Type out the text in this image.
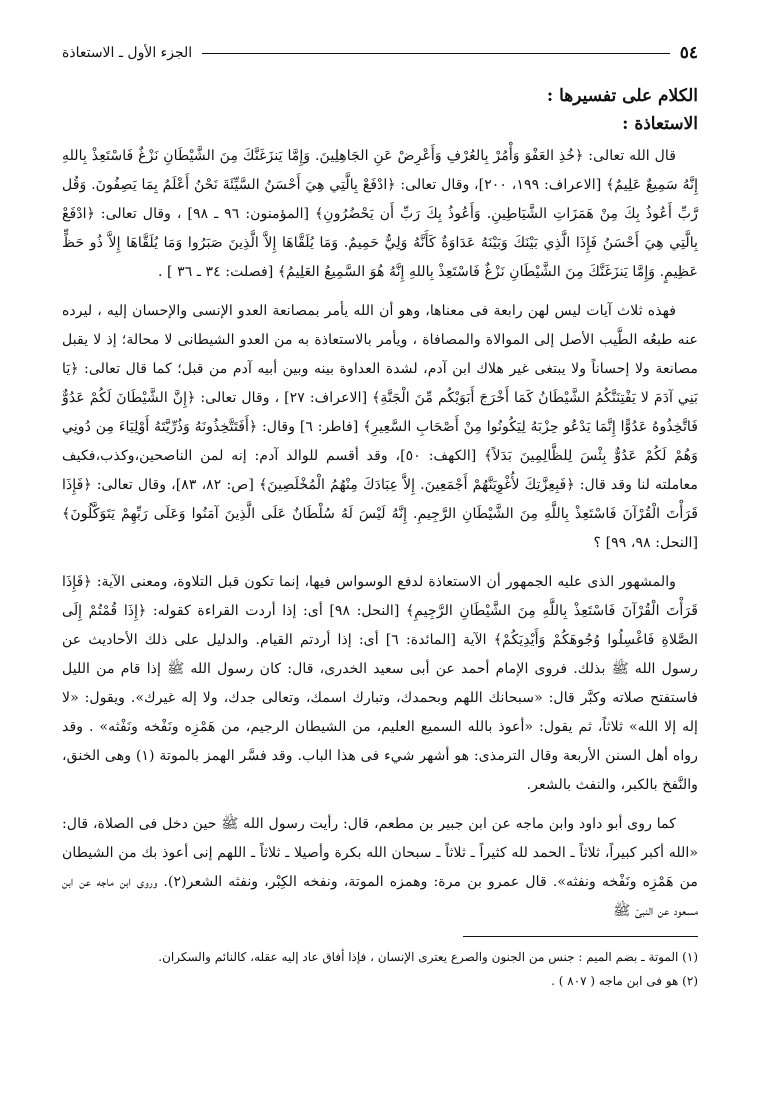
٥٤
الجزء الأول ـ الاستعاذة
الكلام على تفسيرها :
الاستعاذة :

قال الله تعالى: ﴿خُذِ العَفْوَ وَأْمُرْ بِالعُرْفِ وَأَعْرِضْ عَنِ الجَاهِلِينَ. وَإِمَّا يَنزَغَنَّكَ مِنَ الشَّيْطَانِ نَزْغٌ فَاسْتَعِذْ بِاللهِ إِنَّهُ سَمِيعٌ عَلِيمٌ﴾ [الاعراف: ١٩٩، ٢٠٠]، وقال تعالى: ﴿ادْفَعْ بِالَّتِي هِيَ أَحْسَنُ السَّيِّئَةَ نَحْنُ أَعْلَمُ بِمَا يَصِفُونَ. وَقُل رَّبِّ أَعُوذُ بِكَ مِنْ هَمَزَاتِ الشَّيَاطِينِ. وَأَعُوذُ بِكَ رَبِّ أَن يَحْضُرُونِ﴾ [المؤمنون: ٩٦ ـ ٩٨] ، وقال تعالى: ﴿ادْفَعْ بِالَّتِي هِيَ أَحْسَنُ فَإِذَا الَّذِي بَيْنَكَ وَبَيْنَهُ عَدَاوَةٌ كَأَنَّهُ وَلِيٌّ حَمِيمٌ. وَمَا يُلَقَّاهَا إِلاَّ الَّذِينَ صَبَرُوا وَمَا يُلَقَّاهَا إِلاَّ ذُو حَظٍّ عَظِيمٍ. وَإِمَّا يَنزَغَنَّكَ مِنَ الشَّيْطَانِ نَزْغٌ فَاسْتَعِذْ بِاللهِ إِنَّهُ هُوَ السَّمِيعُ العَلِيمُ﴾ [فصلت: ٣٤ ـ ٣٦ ] .

فهذه ثلاث آيات ليس لهن رابعة فى معناها، وهو أن الله يأمر بمصانعة العدو الإنسى والإحسان إليه ، ليرده عنه طبعُه الطَّيب الأصل إلى الموالاة والمصافاة ، ويأمر بالاستعاذة به من العدو الشيطانى لا محالة؛ إذ لا يقبل مصانعة ولا إحساناً ولا يبتغى غير هلاك ابن آدم، لشدة العداوة بينه وبين أبيه آدم من قبل؛ كما قال تعالى: ﴿يَا بَنِي آدَمَ لا يَفْتِنَنَّكُمُ الشَّيْطَانُ كَمَا أَخْرَجَ أَبَوَيْكُم مِّنَ الْجَنَّةِ﴾ [الاعراف: ٢٧] ، وقال تعالى: ﴿إِنَّ الشَّيْطَانَ لَكُمْ عَدُوٌّ فَاتَّخِذُوهُ عَدُوًّا إِنَّمَا يَدْعُو حِزْبَهُ لِيَكُونُوا مِنْ أَصْحَابِ السَّعِيرِ﴾ [فاطر: ٦] وقال: ﴿أَفَتَتَّخِذُونَهُ وَذُرِّيَّتَهُ أَوْلِيَاءَ مِن دُونِي وَهُمْ لَكُمْ عَدُوٌّ بِئْسَ لِلظَّالِمِينَ بَدَلاً﴾ [الكهف: ٥٠]، وقد أقسم للوالد آدم: إنه لمن الناصحين،وكذب،فكيف معاملته لنا وقد قال: ﴿فَبِعِزَّتِكَ لأُغْوِيَنَّهُمْ أَجْمَعِينَ. إِلاَّ عِبَادَكَ مِنْهُمُ الْمُخْلَصِينَ﴾ [ص: ٨٢، ٨٣]، وقال تعالى: ﴿فَإِذَا قَرَأْتَ الْقُرْآنَ فَاسْتَعِذْ بِاللَّهِ مِنَ الشَّيْطَانِ الرَّجِيمِ. إِنَّهُ لَيْسَ لَهُ سُلْطَانٌ عَلَى الَّذِينَ آمَنُوا وَعَلَى رَبِّهِمْ يَتَوَكَّلُونَ﴾ [النحل: ٩٨، ٩٩] ؟

والمشهور الذى عليه الجمهور أن الاستعاذة لدفع الوسواس فيها، إنما تكون قبل التلاوة، ومعنى الآية: ﴿فَإِذَا قَرَأْتَ الْقُرْآنَ فَاسْتَعِذْ بِاللَّهِ مِنَ الشَّيْطَانِ الرَّجِيمِ﴾ [النحل: ٩٨] أى: إذا أردت القراءة كقوله: ﴿إِذَا قُمْتُمْ إِلَى الصَّلاةِ فَاغْسِلُوا وُجُوهَكُمْ وَأَيْدِيَكُمْ﴾ الآية [المائدة: ٦] أى: إذا أردتم القيام. والدليل على ذلك الأحاديث عن رسول الله ﷺ بذلك. فروى الإمام أحمد عن أبى سعيد الخدرى، قال: كان رسول الله ﷺ إذا قام من الليل فاستفتح صلاته وكبَّر قال: «سبحانك اللهم وبحمدك، وتبارك اسمك، وتعالى جدك، ولا إله غيرك». ويقول: «لا إله إلا الله» ثلاثاً، ثم يقول: «أعوذ بالله السميع العليم، من الشيطان الرجيم، من هَمْزِه ونَفْخه ونَفْثه» . وقد رواه أهل السنن الأربعة وقال الترمذى: هو أشهر شيء فى هذا الباب. وقد فسَّر الهمز بالموتة (١) وهى الخنق، والنَّفخ بالكبر، والنفث بالشعر.

كما روى أبو داود وابن ماجه عن ابن جبير بن مطعم، قال: رأيت رسول الله ﷺ حين دخل فى الصلاة، قال: «الله أكبر كبيراً، ثلاثاً ـ الحمد لله كثيراً ـ ثلاثاً ـ سبحان الله بكرة وأصيلا ـ ثلاثاً ـ اللهم إنى أعوذ بك من الشيطان من هَمْزِه ونَفْخه ونفثه». قال عمرو بن مرة: وهمزه الموتة، ونفخه الكِبْر، ونفثه الشعر(٢). وروى ابن ماجه عن ابن مسعود عن النبىّ ﷺ

(١) الموتة ـ بضم الميم : جنس من الجنون والصرع يعترى الإنسان ، فإذا أفاق عاد إليه عقله، كالنائم والسكران.

(٢) هو فى ابن ماجه ( ٨٠٧ ) .
